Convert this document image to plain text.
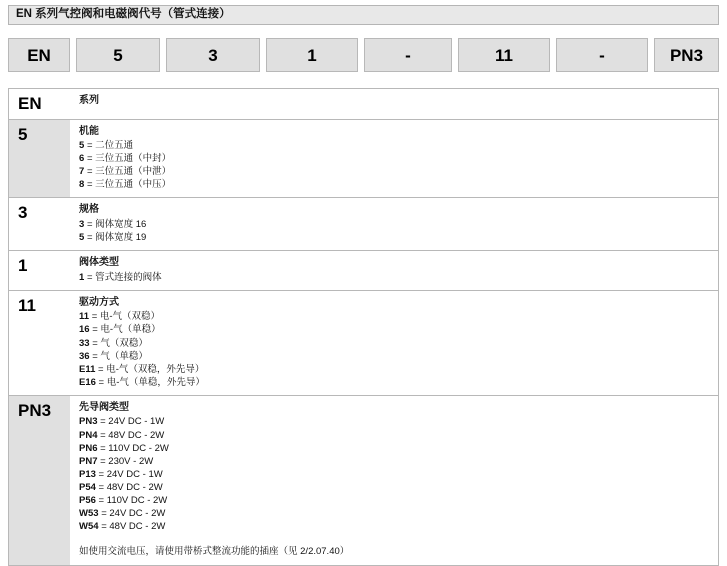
EN 系列气控阀和电磁阀代号（管式连接）
EN	5	3	1	-	11	-	PN3
EN	系列
5	机能
5 = 二位五通
6 = 三位五通（中封）
7 = 三位五通（中泄）
8 = 三位五通（中压）
3	规格
3 = 阀体宽度 16
5 = 阀体宽度 19
1	阀体类型
1 = 管式连接的阀体
11	驱动方式
11 = 电-气（双稳）
16 = 电-气（单稳）
33 = 气（双稳）
36 = 气（单稳）
E11 = 电-气（双稳，外先导）
E16 = 电-气（单稳，外先导）
PN3	先导阀类型
PN3 = 24V DC - 1W
PN4 = 48V DC - 2W
PN6 = 110V DC - 2W
PN7 = 230V - 2W
P13 = 24V DC - 1W
P54 = 48V DC - 2W
P56 = 110V DC - 2W
W53 = 24V DC - 2W
W54 = 48V DC - 2W
如使用交流电压，请使用带桥式整流功能的插座（见 2/2.07.40）
